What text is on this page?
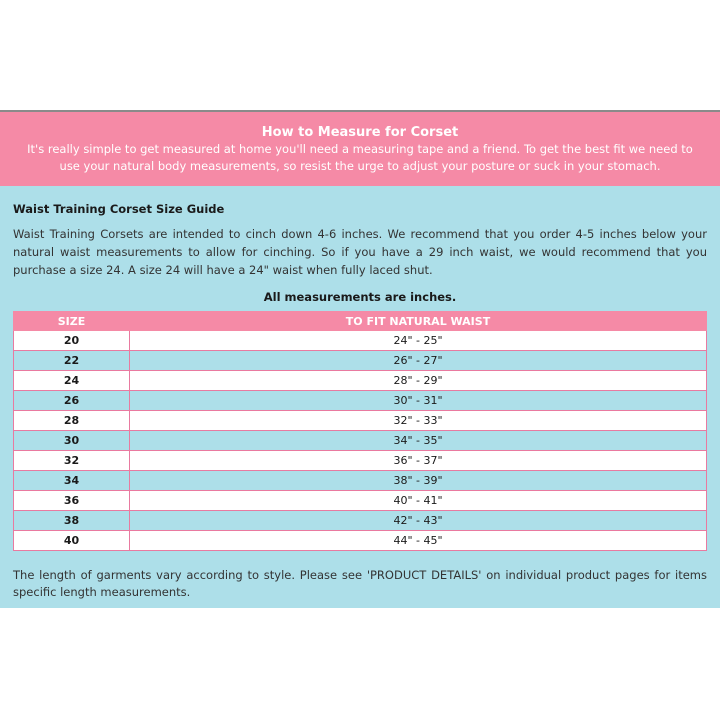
How to Measure for Corset
It's really simple to get measured at home you'll need a measuring tape and a friend. To get the best fit we need to use your natural body measurements, so resist the urge to adjust your posture or suck in your stomach.
Waist Training Corset Size Guide
Waist Training Corsets are intended to cinch down 4-6 inches. We recommend that you order 4-5 inches below your natural waist measurements to allow for cinching. So if you have a 29 inch waist, we would recommend that you purchase a size 24. A size 24 will have a 24" waist when fully laced shut.
All measurements are inches.
SIZE	TO FIT NATURAL WAIST
20	24" - 25"
22	26" - 27"
24	28" - 29"
26	30" - 31"
28	32" - 33"
30	34" - 35"
32	36" - 37"
34	38" - 39"
36	40" - 41"
38	42" - 43"
40	44" - 45"
The length of garments vary according to style. Please see 'PRODUCT DETAILS' on individual product pages for items specific length measurements.
